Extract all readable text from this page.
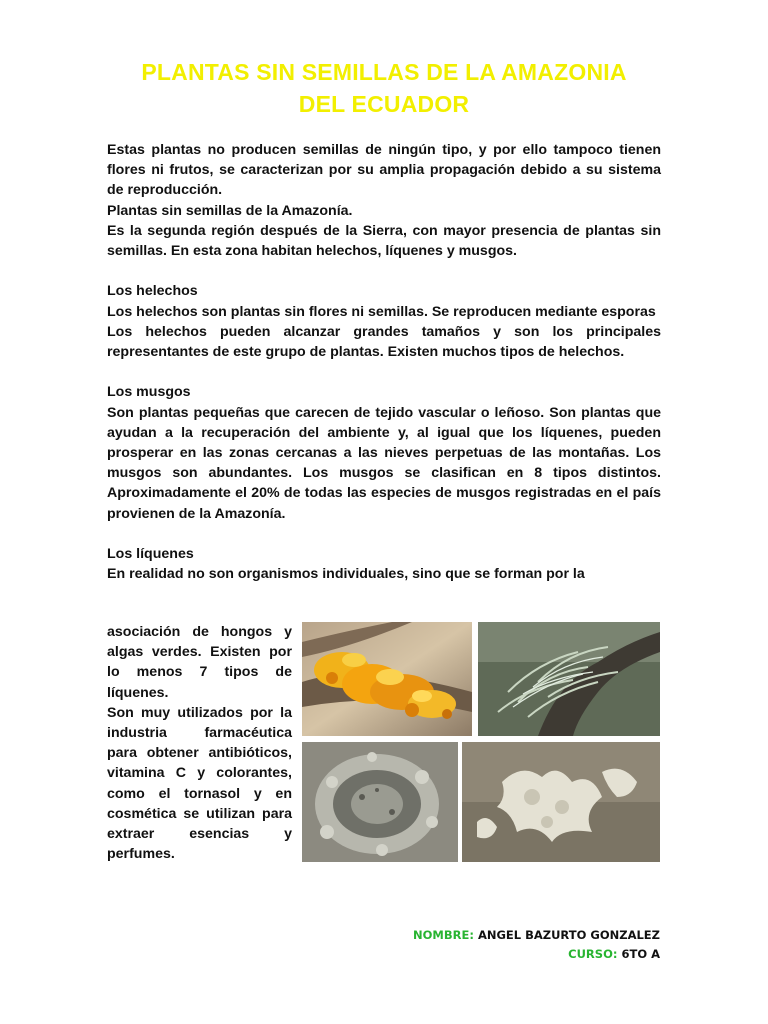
PLANTAS SIN SEMILLAS DE LA AMAZONIA
DEL ECUADOR

Estas plantas no producen semillas de ningún tipo, y por ello tampoco tienen flores ni frutos, se caracterizan por su amplia propagación debido a su sistema de reproducción.

Plantas sin semillas de la Amazonía.

Es la segunda región después de la Sierra, con mayor presencia de plantas sin semillas. En esta zona habitan helechos, líquenes y musgos.

Los helechos

Los helechos son plantas sin flores ni semillas. Se reproducen mediante esporas

Los helechos pueden alcanzar grandes tamaños y son los principales representantes de este grupo de plantas. Existen muchos tipos de helechos.

Los musgos

Son plantas pequeñas que carecen de tejido vascular o leñoso. Son plantas que ayudan a la recuperación del ambiente y, al igual que los líquenes, pueden prosperar en las zonas cercanas a las nieves perpetuas de las montañas. Los musgos son abundantes. Los musgos se clasifican en 8 tipos distintos. Aproximadamente el 20% de todas las especies de musgos registradas en el país provienen de la Amazonía.

Los líquenes

En realidad no son organismos individuales, sino que se forman por la

asociación de hongos y algas verdes. Existen por lo menos 7 tipos de líquenes.

Son muy utilizados por la industria farmacéutica para obtener antibióticos, vitamina C y colorantes, como el tornasol y en cosmética se utilizan para extraer esencias y perfumes.

NOMBRE: ANGEL BAZURTO GONZALEZ
CURSO: 6TO A
